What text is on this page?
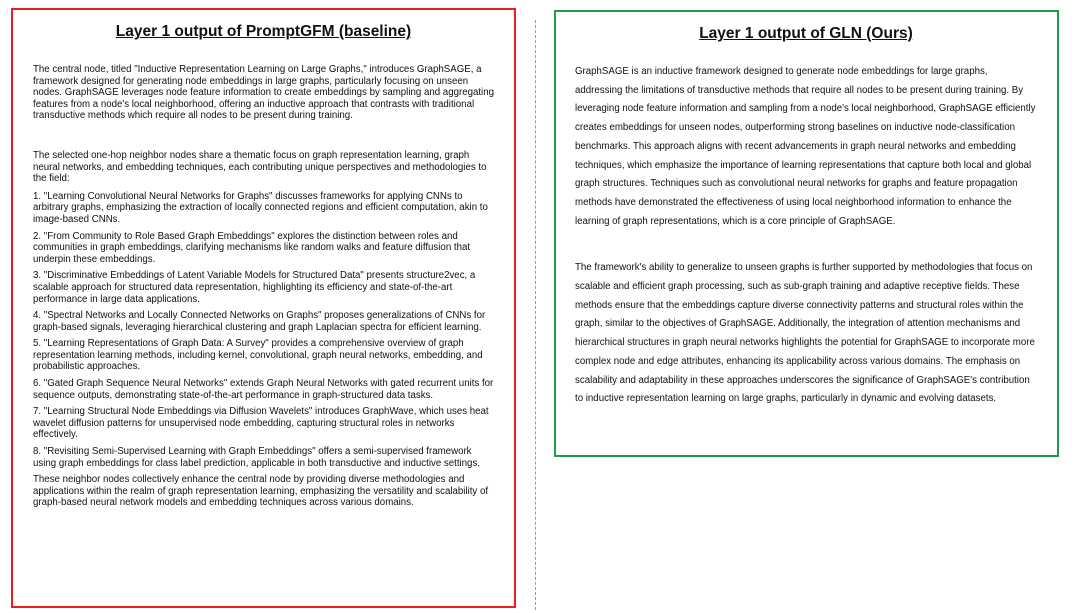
Layer 1 output of PromptGFM (baseline)

The central node, titled "Inductive Representation Learning on Large Graphs," introduces GraphSAGE, a framework designed for generating node embeddings in large graphs, particularly focusing on unseen nodes. GraphSAGE leverages node feature information to create embeddings by sampling and aggregating features from a node's local neighborhood, offering an inductive approach that contrasts with traditional transductive methods which require all nodes to be present during training.

The selected one-hop neighbor nodes share a thematic focus on graph representation learning, graph neural networks, and embedding techniques, each contributing unique perspectives and methodologies to the field:

1. "Learning Convolutional Neural Networks for Graphs" discusses frameworks for applying CNNs to arbitrary graphs, emphasizing the extraction of locally connected regions and efficient computation, akin to image-based CNNs.

2. "From Community to Role Based Graph Embeddings" explores the distinction between roles and communities in graph embeddings, clarifying mechanisms like random walks and feature diffusion that underpin these embeddings.

3. "Discriminative Embeddings of Latent Variable Models for Structured Data" presents structure2vec, a scalable approach for structured data representation, highlighting its efficiency and state-of-the-art performance in large data applications.

4. "Spectral Networks and Locally Connected Networks on Graphs" proposes generalizations of CNNs for graph-based signals, leveraging hierarchical clustering and graph Laplacian spectra for efficient learning.

5. "Learning Representations of Graph Data: A Survey" provides a comprehensive overview of graph representation learning methods, including kernel, convolutional, graph neural networks, embedding, and probabilistic approaches.

6. "Gated Graph Sequence Neural Networks" extends Graph Neural Networks with gated recurrent units for sequence outputs, demonstrating state-of-the-art performance in graph-structured data tasks.

7. "Learning Structural Node Embeddings via Diffusion Wavelets" introduces GraphWave, which uses heat wavelet diffusion patterns for unsupervised node embedding, capturing structural roles in networks effectively.

8. "Revisiting Semi-Supervised Learning with Graph Embeddings" offers a semi-supervised framework using graph embeddings for class label prediction, applicable in both transductive and inductive settings.

These neighbor nodes collectively enhance the central node by providing diverse methodologies and applications within the realm of graph representation learning, emphasizing the versatility and scalability of graph-based neural network models and embedding techniques across various domains.

Layer 1 output of GLN (Ours)

GraphSAGE is an inductive framework designed to generate node embeddings for large graphs, addressing the limitations of transductive methods that require all nodes to be present during training. By leveraging node feature information and sampling from a node's local neighborhood, GraphSAGE efficiently creates embeddings for unseen nodes, outperforming strong baselines on inductive node-classification benchmarks. This approach aligns with recent advancements in graph neural networks and embedding techniques, which emphasize the importance of learning representations that capture both local and global graph structures. Techniques such as convolutional neural networks for graphs and feature propagation methods have demonstrated the effectiveness of using local neighborhood information to enhance the learning of graph representations, which is a core principle of GraphSAGE.

The framework's ability to generalize to unseen graphs is further supported by methodologies that focus on scalable and efficient graph processing, such as sub-graph training and adaptive receptive fields. These methods ensure that the embeddings capture diverse connectivity patterns and structural roles within the graph, similar to the objectives of GraphSAGE. Additionally, the integration of attention mechanisms and hierarchical structures in graph neural networks highlights the potential for GraphSAGE to incorporate more complex node and edge attributes, enhancing its applicability across various domains. The emphasis on scalability and adaptability in these approaches underscores the significance of GraphSAGE's contribution to inductive representation learning on large graphs, particularly in dynamic and evolving datasets.
